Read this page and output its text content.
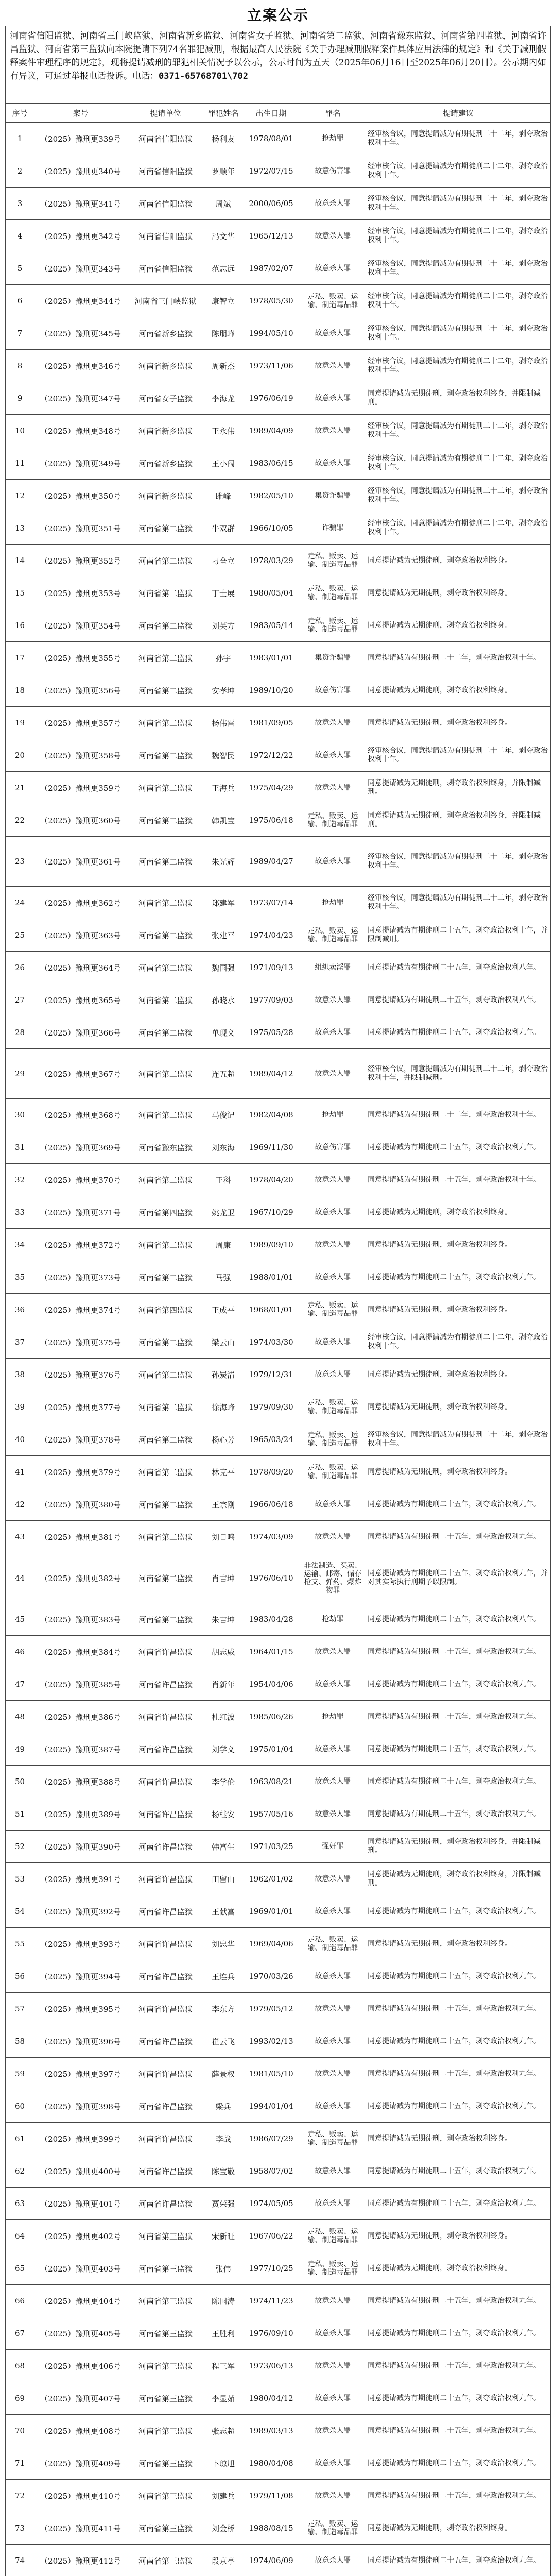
立案公示
河南省信阳监狱、河南省三门峡监狱、河南省新乡监狱、河南省女子监狱、河南省第二监狱、河南省豫东监狱、河南省第四监狱、河南省许昌监狱、河南省第三监狱向本院提请下列74名罪犯减刑，根据最高人民法院《关于办理减刑假释案件具体应用法律的规定》和《关于减刑假释案件审理程序的规定》，现将提请减刑的罪犯相关情况予以公示，公示时间为五天（2025年06月16日至2025年06月20日）。公示期内如有异议，可通过举报电话投诉。电话：0371-65768701\702
序号	案号	提请单位	罪犯姓名	出生日期	罪名	提请建议
1	（2025）豫刑更339号	河南省信阳监狱	杨利友	1978/08/01	抢劫罪	经审核合议，同意提请减为有期徒刑二十二年，剥夺政治权利十年。
2	（2025）豫刑更340号	河南省信阳监狱	罗顺年	1972/07/15	故意伤害罪	经审核合议，同意提请减为有期徒刑二十二年，剥夺政治权利十年。
3	（2025）豫刑更341号	河南省信阳监狱	周斌	2000/06/05	故意杀人罪	经审核合议，同意提请减为有期徒刑二十二年，剥夺政治权利十年。
4	（2025）豫刑更342号	河南省信阳监狱	冯文华	1965/12/13	故意杀人罪	经审核合议，同意提请减为有期徒刑二十二年，剥夺政治权利十年。
5	（2025）豫刑更343号	河南省信阳监狱	范志远	1987/02/07	故意杀人罪	经审核合议，同意提请减为有期徒刑二十二年，剥夺政治权利十年。
6	（2025）豫刑更344号	河南省三门峡监狱	康智立	1978/05/30	走私、贩卖、运输、制造毒品罪	经审核合议，同意提请减为有期徒刑二十二年，剥夺政治权利十年。
7	（2025）豫刑更345号	河南省新乡监狱	陈朋峰	1994/05/10	故意杀人罪	经审核合议，同意提请减为有期徒刑二十二年，剥夺政治权利十年。
8	（2025）豫刑更346号	河南省新乡监狱	周新杰	1973/11/06	故意杀人罪	经审核合议，同意提请减为有期徒刑二十二年，剥夺政治权利十年。
9	（2025）豫刑更347号	河南省女子监狱	李海龙	1976/06/19	故意杀人罪	同意提请减为无期徒刑，剥夺政治权利终身，并限制减刑。
10	（2025）豫刑更348号	河南省新乡监狱	王永伟	1989/04/09	故意杀人罪	经审核合议，同意提请减为有期徒刑二十二年，剥夺政治权利十年。
11	（2025）豫刑更349号	河南省新乡监狱	王小闯	1983/06/15	故意杀人罪	经审核合议，同意提请减为有期徒刑二十二年，剥夺政治权利十年。
12	（2025）豫刑更350号	河南省新乡监狱	雎峰	1982/05/10	集资诈骗罪	经审核合议，同意提请减为有期徒刑二十二年，剥夺政治权利十年。
13	（2025）豫刑更351号	河南省第二监狱	牛双群	1966/10/05	诈骗罪	经审核合议，同意提请减为有期徒刑二十二年，剥夺政治权利十年。
14	（2025）豫刑更352号	河南省第二监狱	刁全立	1978/03/29	走私、贩卖、运输、制造毒品罪	同意提请减为无期徒刑，剥夺政治权利终身。
15	（2025）豫刑更353号	河南省第二监狱	丁士展	1980/05/04	走私、贩卖、运输、制造毒品罪	同意提请减为无期徒刑，剥夺政治权利终身。
16	（2025）豫刑更354号	河南省第二监狱	刘英方	1983/05/14	走私、贩卖、运输、制造毒品罪	同意提请减为无期徒刑，剥夺政治权利终身。
17	（2025）豫刑更355号	河南省第二监狱	孙宇	1983/01/01	集资诈骗罪	同意提请减为有期徒刑二十二年，剥夺政治权利十年。
18	（2025）豫刑更356号	河南省第二监狱	安孝坤	1989/10/20	故意伤害罪	同意提请减为无期徒刑，剥夺政治权利终身。
19	（2025）豫刑更357号	河南省第二监狱	杨伟雷	1981/09/05	故意杀人罪	同意提请减为无期徒刑，剥夺政治权利终身。
20	（2025）豫刑更358号	河南省第二监狱	魏智民	1972/12/22	故意杀人罪	经审核合议，同意提请减为有期徒刑二十二年，剥夺政治权利十年。
21	（2025）豫刑更359号	河南省第二监狱	王海兵	1975/04/29	故意杀人罪	同意提请减为无期徒刑，剥夺政治权利终身，并限制减刑。
22	（2025）豫刑更360号	河南省第二监狱	韩凯宝	1975/06/18	走私、贩卖、运输、制造毒品罪	同意提请减为无期徒刑，剥夺政治权利终身，并限制减刑。
23	（2025）豫刑更361号	河南省第二监狱	朱光辉	1989/04/27	故意杀人罪	经审核合议，同意提请减为有期徒刑二十二年，剥夺政治权利十年。
24	（2025）豫刑更362号	河南省第二监狱	郑建军	1973/07/14	抢劫罪	经审核合议，同意提请减为有期徒刑二十二年，剥夺政治权利十年。
25	（2025）豫刑更363号	河南省第二监狱	张建平	1974/04/23	走私、贩卖、运输、制造毒品罪	同意提请减为有期徒刑二十五年，剥夺政治权利十年，并限制减刑。
26	（2025）豫刑更364号	河南省第二监狱	魏国强	1971/09/13	组织卖淫罪	同意提请减为有期徒刑二十五年，剥夺政治权利八年。
27	（2025）豫刑更365号	河南省第二监狱	孙晓水	1977/09/03	故意杀人罪	同意提请减为有期徒刑二十五年，剥夺政治权利八年。
28	（2025）豫刑更366号	河南省第二监狱	单现义	1975/05/28	故意杀人罪	同意提请减为有期徒刑二十五年，剥夺政治权利九年。
29	（2025）豫刑更367号	河南省第二监狱	连五超	1989/04/12	故意杀人罪	经审核合议，同意提请减为有期徒刑二十二年，剥夺政治权利十年，并限制减刑。
30	（2025）豫刑更368号	河南省第二监狱	马俊记	1982/04/08	抢劫罪	同意提请减为有期徒刑二十二年，剥夺政治权利十年。
31	（2025）豫刑更369号	河南省豫东监狱	刘东海	1969/11/30	故意伤害罪	同意提请减为有期徒刑二十五年，剥夺政治权利九年。
32	（2025）豫刑更370号	河南省第二监狱	王科	1978/04/20	故意杀人罪	同意提请减为有期徒刑二十五年，剥夺政治权利十年。
33	（2025）豫刑更371号	河南省第四监狱	姚龙卫	1967/10/29	故意杀人罪	同意提请减为无期徒刑，剥夺政治权利终身。
34	（2025）豫刑更372号	河南省第二监狱	周康	1989/09/10	故意杀人罪	同意提请减为无期徒刑，剥夺政治权利终身。
35	（2025）豫刑更373号	河南省第二监狱	马强	1988/01/01	故意杀人罪	同意提请减为有期徒刑二十五年，剥夺政治权利九年。
36	（2025）豫刑更374号	河南省第四监狱	王成平	1968/01/01	走私、贩卖、运输、制造毒品罪	同意提请减为无期徒刑，剥夺政治权利终身。
37	（2025）豫刑更375号	河南省第二监狱	梁云山	1974/03/30	故意杀人罪	经审核合议，同意提请减为有期徒刑二十二年，剥夺政治权利十年。
38	（2025）豫刑更376号	河南省第二监狱	孙炭清	1979/12/31	故意杀人罪	同意提请减为无期徒刑，剥夺政治权利终身。
39	（2025）豫刑更377号	河南省第二监狱	徐海峰	1979/09/30	走私、贩卖、运输、制造毒品罪	同意提请减为无期徒刑，剥夺政治权利终身。
40	（2025）豫刑更378号	河南省第二监狱	杨心芳	1965/03/24	走私、贩卖、运输、制造毒品罪	经审核合议，同意提请减为有期徒刑二十二年，剥夺政治权利十年。
41	（2025）豫刑更379号	河南省第二监狱	林克平	1978/09/20	走私、贩卖、运输、制造毒品罪	同意提请减为无期徒刑，剥夺政治权利终身。
42	（2025）豫刑更380号	河南省第二监狱	王宗刚	1966/06/18	故意杀人罪	同意提请减为有期徒刑二十五年，剥夺政治权利九年。
43	（2025）豫刑更381号	河南省第二监狱	刘日鸣	1974/03/09	故意杀人罪	同意提请减为有期徒刑二十五年，剥夺政治权利九年。
44	（2025）豫刑更382号	河南省第二监狱	肖吉坤	1976/06/10	非法制造、买卖、运输、邮寄、储存枪支、弹药、爆炸物罪	同意提请减为有期徒刑二十五年，剥夺政治权利九年，并对其实际执行刑期予以限制。
45	（2025）豫刑更383号	河南省第二监狱	朱吉坤	1983/04/28	抢劫罪	同意提请减为有期徒刑二十五年，剥夺政治权利八年。
46	（2025）豫刑更384号	河南省许昌监狱	胡志威	1964/01/15	故意杀人罪	同意提请减为有期徒刑二十五年，剥夺政治权利九年。
47	（2025）豫刑更385号	河南省许昌监狱	肖新年	1954/04/06	故意杀人罪	同意提请减为有期徒刑二十五年，剥夺政治权利九年。
48	（2025）豫刑更386号	河南省许昌监狱	杜红波	1985/06/26	抢劫罪	同意提请减为有期徒刑二十五年，剥夺政治权利九年。
49	（2025）豫刑更387号	河南省许昌监狱	刘学义	1975/01/04	故意杀人罪	同意提请减为有期徒刑二十五年，剥夺政治权利九年。
50	（2025）豫刑更388号	河南省许昌监狱	李学伦	1963/08/21	故意杀人罪	同意提请减为有期徒刑二十五年，剥夺政治权利九年。
51	（2025）豫刑更389号	河南省许昌监狱	杨桂安	1957/05/16	故意杀人罪	同意提请减为有期徒刑二十五年，剥夺政治权利九年。
52	（2025）豫刑更390号	河南省许昌监狱	韩富生	1971/03/25	强奸罪	同意提请减为无期徒刑，剥夺政治权利终身，并限制减刑。
53	（2025）豫刑更391号	河南省许昌监狱	田留山	1962/01/02	故意杀人罪	同意提请减为无期徒刑，剥夺政治权利终身，并限制减刑。
54	（2025）豫刑更392号	河南省许昌监狱	王献富	1969/01/01	故意杀人罪	同意提请减为有期徒刑二十五年，剥夺政治权利九年。
55	（2025）豫刑更393号	河南省许昌监狱	刘忠华	1969/04/06	走私、贩卖、运输、制造毒品罪	同意提请减为无期徒刑，剥夺政治权利终身。
56	（2025）豫刑更394号	河南省许昌监狱	王连兵	1970/03/26	故意杀人罪	同意提请减为有期徒刑二十五年，剥夺政治权利九年。
57	（2025）豫刑更395号	河南省许昌监狱	李东方	1979/05/12	故意杀人罪	同意提请减为有期徒刑二十五年，剥夺政治权利九年。
58	（2025）豫刑更396号	河南省许昌监狱	崔云飞	1993/02/13	故意杀人罪	同意提请减为有期徒刑二十五年，剥夺政治权利九年。
59	（2025）豫刑更397号	河南省许昌监狱	薛景权	1981/05/10	故意杀人罪	同意提请减为有期徒刑二十五年，剥夺政治权利九年。
60	（2025）豫刑更398号	河南省许昌监狱	梁兵	1994/01/04	故意杀人罪	同意提请减为有期徒刑二十五年，剥夺政治权利九年。
61	（2025）豫刑更399号	河南省许昌监狱	李战	1986/07/29	走私、贩卖、运输、制造毒品罪	同意提请减为无期徒刑，剥夺政治权利终身。
62	（2025）豫刑更400号	河南省许昌监狱	陈宝敬	1958/07/02	故意杀人罪	同意提请减为有期徒刑二十五年，剥夺政治权利九年。
63	（2025）豫刑更401号	河南省许昌监狱	贾荣强	1974/05/05	故意杀人罪	同意提请减为有期徒刑二十五年，剥夺政治权利九年。
64	（2025）豫刑更402号	河南省第三监狱	宋新旺	1967/06/22	走私、贩卖、运输、制造毒品罪	同意提请减为无期徒刑，剥夺政治权利终身。
65	（2025）豫刑更403号	河南省第三监狱	张伟	1977/10/25	走私、贩卖、运输、制造毒品罪	同意提请减为无期徒刑，剥夺政治权利终身。
66	（2025）豫刑更404号	河南省第三监狱	陈国涛	1974/11/23	故意杀人罪	同意提请减为有期徒刑二十五年，剥夺政治权利九年。
67	（2025）豫刑更405号	河南省第三监狱	王胜利	1976/09/10	故意杀人罪	同意提请减为有期徒刑二十五年，剥夺政治权利九年。
68	（2025）豫刑更406号	河南省第三监狱	程三军	1973/06/13	故意杀人罪	同意提请减为有期徒刑二十五年，剥夺政治权利九年。
69	（2025）豫刑更407号	河南省第三监狱	李显茹	1980/04/12	故意杀人罪	同意提请减为有期徒刑二十五年，剥夺政治权利九年。
70	（2025）豫刑更408号	河南省第三监狱	张志超	1989/03/13	故意杀人罪	同意提请减为有期徒刑二十五年，剥夺政治权利九年。
71	（2025）豫刑更409号	河南省第三监狱	卜琼旭	1980/04/08	故意杀人罪	同意提请减为有期徒刑二十五年，剥夺政治权利九年。
72	（2025）豫刑更410号	河南省第三监狱	刘建兵	1979/11/08	故意杀人罪	同意提请减为有期徒刑二十五年，剥夺政治权利九年。
73	（2025）豫刑更411号	河南省第三监狱	刘金桥	1988/08/15	走私、贩卖、运输、制造毒品罪	同意提请减为无期徒刑，剥夺政治权利终身。
74	（2025）豫刑更412号	河南省第三监狱	段京亭	1974/06/09	故意杀人罪	同意提请减为有期徒刑二十五年，剥夺政治权利九年。
